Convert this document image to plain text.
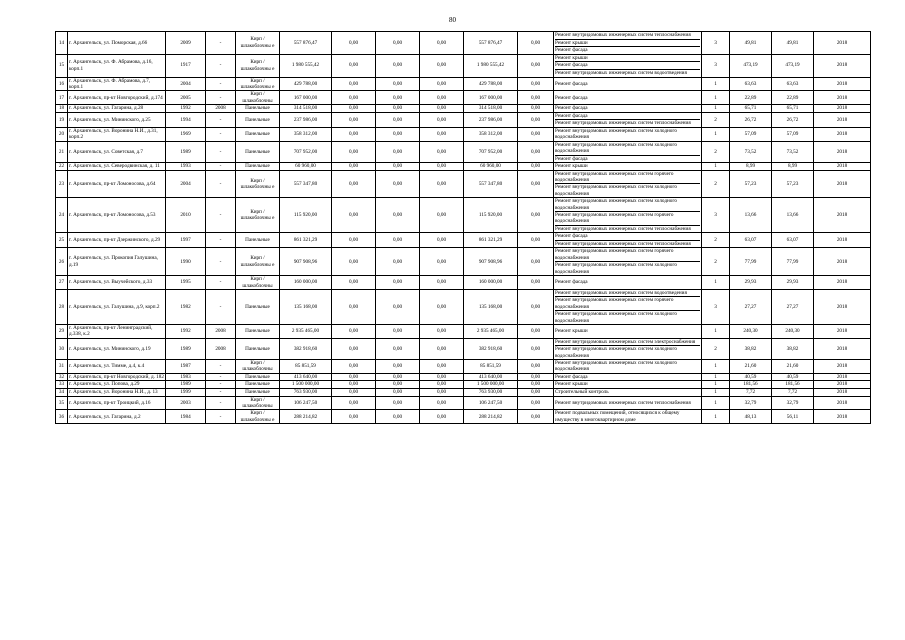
80
14	г. Архангельск, ул. Поморская, д.66	2009	-	Кирп / шлакоблочны е	557 876,47	0,00	0,00	0,00	557 876,47	0,00	Ремонт внутридомовых инженерных систем теплоснабжения
Ремонт крыши
Ремонт фасада	3	49,81	49,81	2018
15	г. Архангельск, ул. Ф. Абрамова, д.16, корп.1	1917	-	Кирп / шлакоблочны е	1 980 555,42	0,00	0,00	0,00	1 980 555,42	0,00	Ремонт крыши
Ремонт фасада
Ремонт внутридомовых инженерных систем водоотведения	3	473,19	473,19	2018
16	г. Архангельск, ул. Ф. Абрамова, д.7, корп.1	2004	-	Кирп / шлакоблочны е	429 788,00	0,00	0,00	0,00	429 788,00	0,00	Ремонт фасада	1	63,63	63,63	2018
17	г. Архангельск, пр-кт Новгородский, д.174	2005	-	Кирп / шлакоблочны	167 000,00	0,00	0,00	0,00	167 000,00	0,00	Ремонт фасада	1	22,89	22,89	2018
18	г. Архангельск, ул. Гагарина, д.28	1992	2008	Панельные	314 518,00	0,00	0,00	0,00	314 518,00	0,00	Ремонт фасада	1	65,71	65,71	2018
19	г. Архангельск, ул. Мининского, д.25	1994	-	Панельные	237 986,00	0,00	0,00	0,00	237 986,00	0,00	Ремонт фасада
Ремонт внутридомовых инженерных систем теплоснабжения	2	26,72	26,72	2018
20	г. Архангельск, ул. Воронина Н.И., д.31, корп.2	1969	-	Панельные	358 312,00	0,00	0,00	0,00	358 312,00	0,00	Ремонт внутридомовых инженерных систем холодного водоснабжения	1	57,09	57,09	2018
21	г. Архангельск, ул. Советская, д.7	1989	-	Панельные	707 952,00	0,00	0,00	0,00	707 952,00	0,00	Ремонт внутридомовых инженерных систем холодного водоснабжения
Ремонт фасада	2	73,52	73,52	2018
22	г. Архангельск, ул. Северодвинская, д. 11	1993	-	Панельные	60 960,00	0,00	0,00	0,00	60 960,00	0,00	Ремонт крыши	1	8,99	8,99	2018
23	г. Архангельск, пр-кт Ломоносова, д.64	2004	-	Кирп / шлакоблочны е	557 347,80	0,00	0,00	0,00	557 347,80	0,00	Ремонт внутридомовых инженерных систем горячего водоснабжения
Ремонт внутридомовых инженерных систем холодного водоснабжения	2	57,23	57,23	2018
24	г. Архангельск, пр-кт Ломоносова, д.53	2010	-	Кирп / шлакоблочны е	115 920,00	0,00	0,00	0,00	115 920,00	0,00	Ремонт внутридомовых инженерных систем холодного водоснабжения
Ремонт внутридомовых инженерных систем горячего водоснабжения
Ремонт внутридомовых инженерных систем теплоснабжения	3	13,66	13,66	2018
25	г. Архангельск, пр-кт Дзержинского, д.29	1997	-	Панельные	861 321,29	0,00	0,00	0,00	861 321,29	0,00	Ремонт фасада
Ремонт внутридомовых инженерных систем теплоснабжения	2	63,07	63,07	2018
26	г. Архангельск, ул. Прокопия Галушина, д.19	1990	-	Кирп / шлакоблочны е	907 908,96	0,00	0,00	0,00	907 908,96	0,00	Ремонт внутридомовых инженерных систем горячего водоснабжения
Ремонт внутридомовых инженерных систем холодного водоснабжения	2	77,99	77,99	2018
27	г. Архангельск, ул. Выучейского, д.33	1995	-	Кирп / шлакоблочны	160 000,00	0,00	0,00	0,00	160 000,00	0,00	Ремонт фасада	1	29,93	29,93	2018
28	г. Архангельск, ул. Галушина, д.9, корп.2	1982	-	Панельные	135 168,00	0,00	0,00	0,00	135 168,00	0,00	Ремонт внутридомовых инженерных систем водоотведения
Ремонт внутридомовых инженерных систем горячего водоснабжения
Ремонт внутридомовых инженерных систем холодного водоснабжения	3	27,27	27,27	2018
29	г. Архангельск, пр-кт Ленинградский, д.338, к.2	1992	2008	Панельные	2 935 465,00	0,00	0,00	0,00	2 935 465,00	0,00	Ремонт крыши	1	240,30	240,30	2018
30	г. Архангельск, ул. Мининского, д.19	1989	2008	Панельные	382 918,60	0,00	0,00	0,00	382 918,60	0,00	Ремонт внутридомовых инженерных систем электроснабжения
Ремонт внутридомовых инженерных систем холодного водоснабжения	2	38,82	38,82	2018
31	г. Архангельск, ул. Тимме, д.4, к.4	1987	-	Кирп / шлакоблочны	85 851,59	0,00	0,00	0,00	85 851,59	0,00	Ремонт внутридомовых инженерных систем холодного водоснабжения	1	21,60	21,60	2018
32	г. Архангельск, пр-кт Новгородский, д. 182	1983	-	Панельные	413 640,00	0,00	0,00	0,00	413 640,00	0,00	Ремонт фасада	1	40,59	40,59	2018
33	г. Архангельск, ул. Попова, д.29	1989	-	Панельные	1 500 000,00	0,00	0,00	0,00	1 500 000,00	0,00	Ремонт крыши	1	181,56	181,56	2018
34	г. Архангельск, ул. Воронина Н.И., д. 13	1999	-	Панельные	763 930,00	0,00	0,00	0,00	763 930,00	0,00	Строительный контроль	1	7,72	7,72	2018
35	г. Архангельск, пр-кт Троицкий, д.16	2003	-	Кирп / шлакоблочны	106 247,50	0,00	0,00	0,00	106 247,50	0,00	Ремонт внутридомовых инженерных систем теплоснабжения	1	32,79	32,79	2018
36	г. Архангельск, ул. Гагарина, д.2	1984	-	Кирп / шлакоблочны е	288 214,82	0,00	0,00	0,00	288 214,82	0,00	Ремонт подвальных помещений, относящихся к общему имуществу в многоквартирном доме	1	48,13	56,11	2018
